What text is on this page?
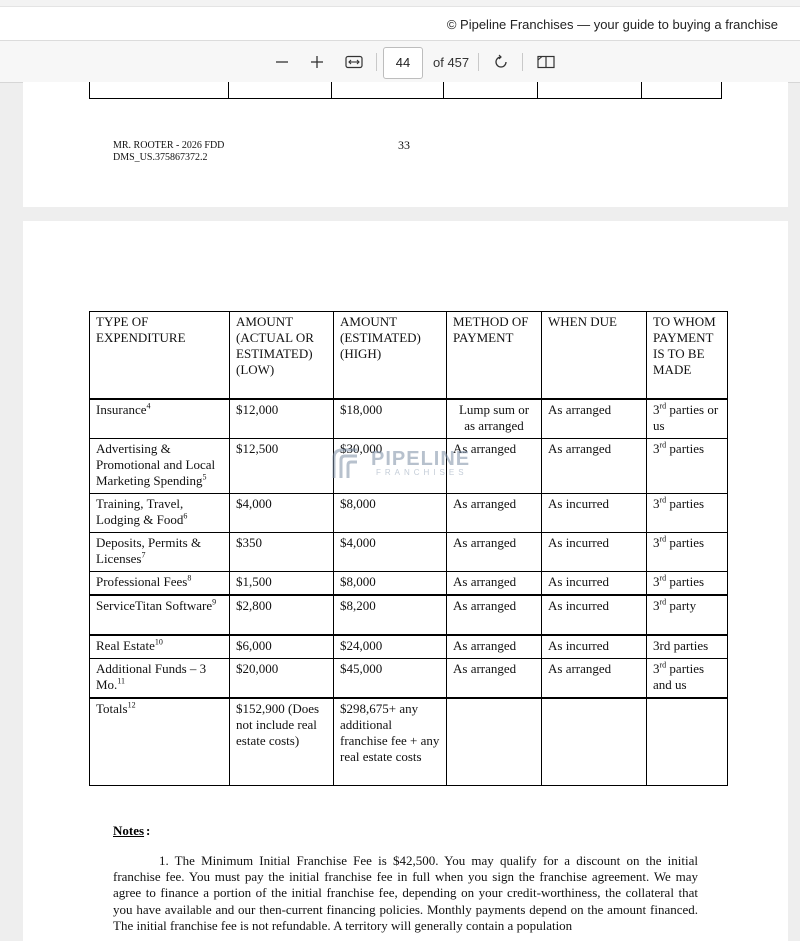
© Pipeline Franchises — your guide to buying a franchise
44	of 457
MR. ROOTER - 2026 FDD
DMS_US.375867372.2
33
TYPE OF EXPENDITURE	AMOUNT (ACTUAL OR ESTIMATED) (LOW)	AMOUNT (ESTIMATED) (HIGH)	METHOD OF PAYMENT	WHEN DUE	TO WHOM PAYMENT IS TO BE MADE
Insurance$^4$	$12,000	$18,000	Lump sum or as arranged	As arranged	3rd parties or us
Advertising & Promotional and Local Marketing Spending$^5$	$12,500	$30,000	As arranged	As arranged	3rd parties
Training, Travel, Lodging & Food$^6$	$4,000	$8,000	As arranged	As incurred	3rd parties
Deposits, Permits & Licenses$^7$	$350	$4,000	As arranged	As incurred	3rd parties
Professional Fees$^8$	$1,500	$8,000	As arranged	As incurred	3rd parties
ServiceTitan Software$^9$	$2,800	$8,200	As arranged	As incurred	3rd party
Real Estate$^{10}$	$6,000	$24,000	As arranged	As incurred	3rd parties
Additional Funds – 3 Mo.$^{11}$	$20,000	$45,000	As arranged	As arranged	3rd parties and us
Totals$^{12}$	$152,900 (Does not include real estate costs)	$298,675+ any additional franchise fee + any real estate costs			
PIPELINE
FRANCHISES
Notes :
1. The Minimum Initial Franchise Fee is $42,500. You may qualify for a discount on the initial franchise fee. You must pay the initial franchise fee in full when you sign the franchise agreement. We may agree to finance a portion of the initial franchise fee, depending on your credit-worthiness, the collateral that you have available and our then-current financing policies. Monthly payments depend on the amount financed. The initial franchise fee is not refundable. A territory will generally contain a population
